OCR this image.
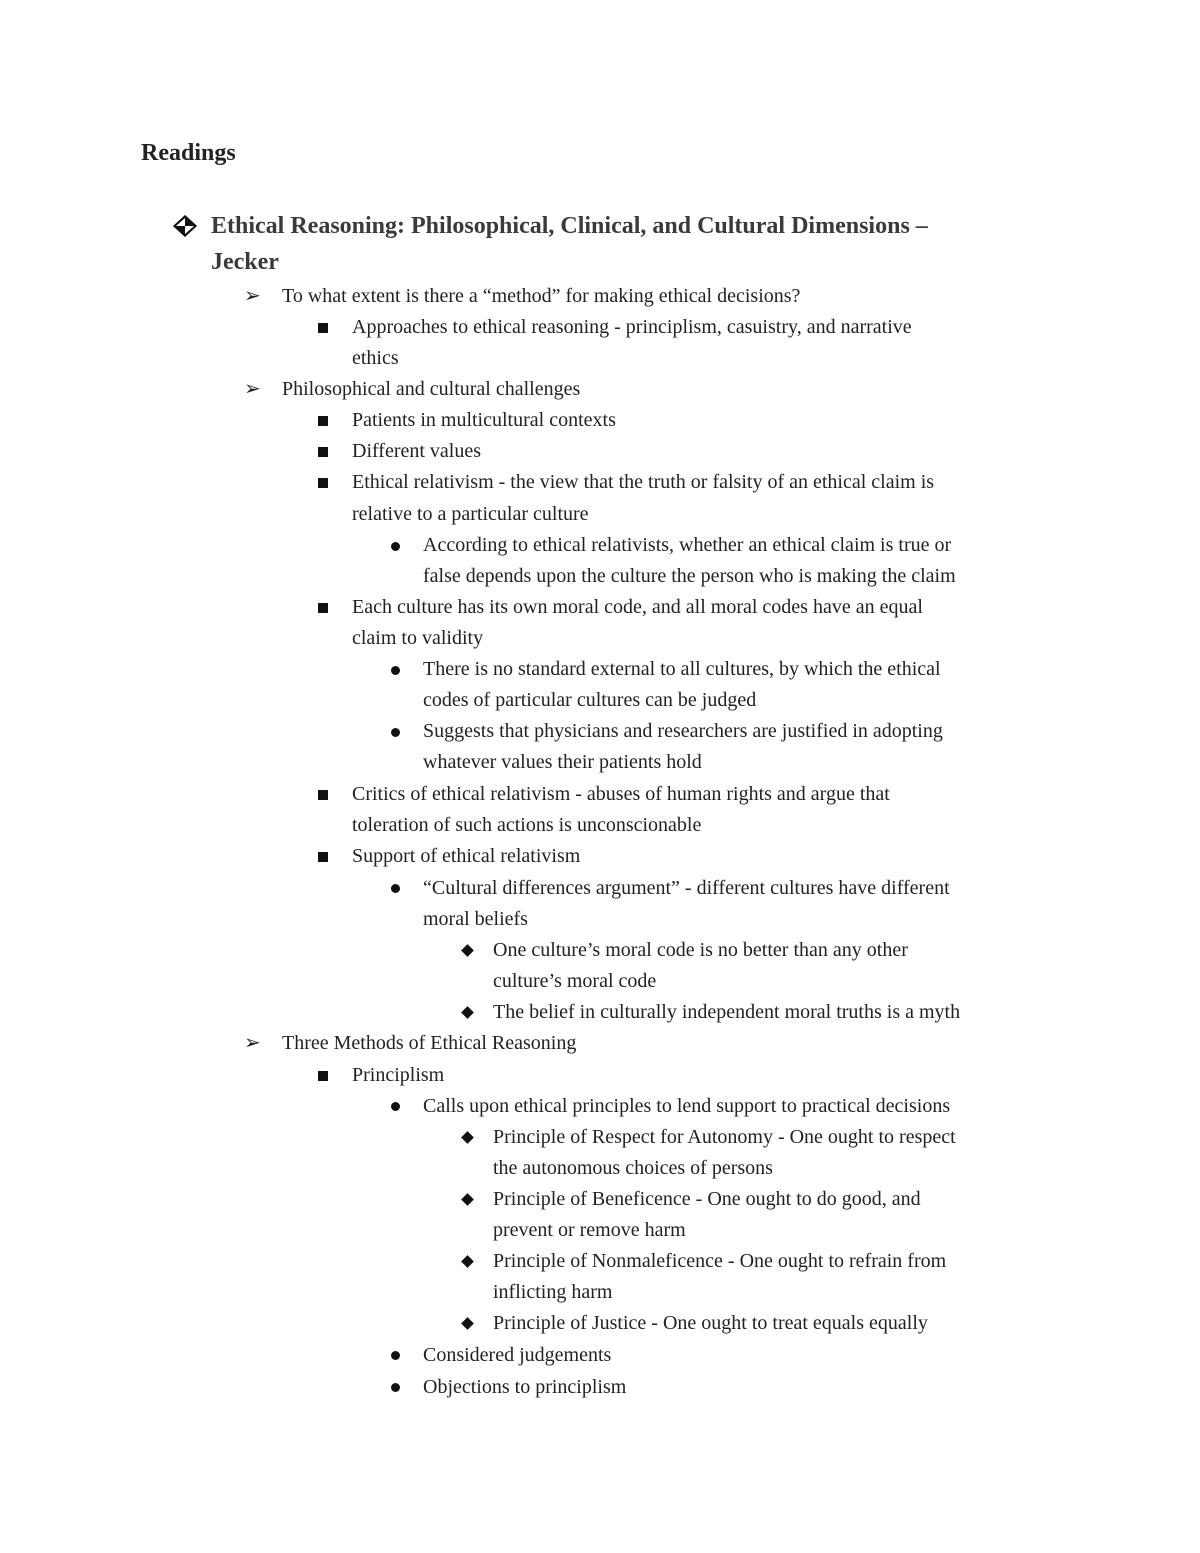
Readings
Ethical Reasoning: Philosophical, Clinical, and Cultural Dimensions –
Jecker
➢ To what extent is there a “method” for making ethical decisions?
Approaches to ethical reasoning - principlism, casuistry, and narrative
ethics
➢ Philosophical and cultural challenges
Patients in multicultural contexts
Different values
Ethical relativism - the view that the truth or falsity of an ethical claim is
relative to a particular culture
According to ethical relativists, whether an ethical claim is true or
false depends upon the culture the person who is making the claim
Each culture has its own moral code, and all moral codes have an equal
claim to validity
There is no standard external to all cultures, by which the ethical
codes of particular cultures can be judged
Suggests that physicians and researchers are justified in adopting
whatever values their patients hold
Critics of ethical relativism - abuses of human rights and argue that
toleration of such actions is unconscionable
Support of ethical relativism
“Cultural differences argument” - different cultures have different
moral beliefs
One culture’s moral code is no better than any other
culture’s moral code
The belief in culturally independent moral truths is a myth
➢ Three Methods of Ethical Reasoning
Principlism
Calls upon ethical principles to lend support to practical decisions
Principle of Respect for Autonomy - One ought to respect
the autonomous choices of persons
Principle of Beneficence - One ought to do good, and
prevent or remove harm
Principle of Nonmaleficence - One ought to refrain from
inflicting harm
Principle of Justice - One ought to treat equals equally
Considered judgements
Objections to principlism
